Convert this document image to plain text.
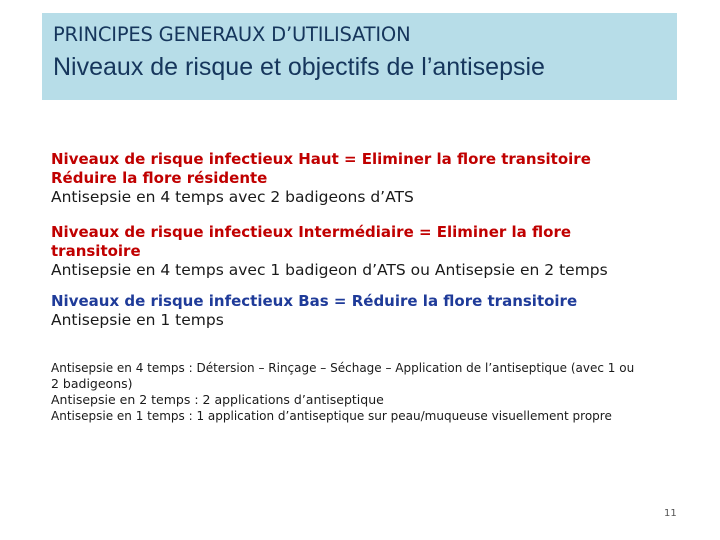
PRINCIPES GENERAUX D’UTILISATION
Niveaux de risque et objectifs de l’antisepsie
Niveaux de risque infectieux Haut = Eliminer la flore transitoire
Réduire la flore résidente
Antisepsie en 4 temps avec 2 badigeons d’ATS
Niveaux de risque infectieux Intermédiaire = Eliminer la flore transitoire
Antisepsie en 4 temps avec 1 badigeon d’ATS ou Antisepsie en 2 temps
Niveaux de risque infectieux Bas = Réduire la flore transitoire
Antisepsie en 1 temps
Antisepsie en 4 temps : Détersion – Rinçage – Séchage – Application de l’antiseptique (avec 1 ou
2 badigeons)
Antisepsie en 2 temps : 2 applications d’antiseptique
Antisepsie en 1 temps : 1 application d’antiseptique sur peau/muqueuse visuellement propre
11
